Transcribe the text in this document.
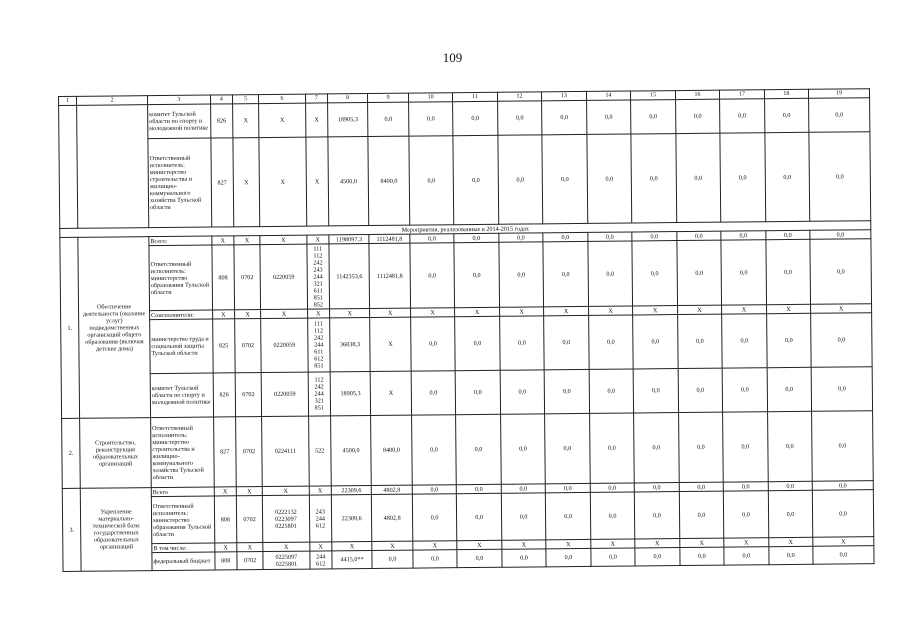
109
1	2	3	4	5	6	7	8	9	10	11	12	13	14	15	16	17	18	19
		комитет Тульской области по спорту и молодежной политике	826	X	X	X	18905,3	0,0	0,0	0,0	0,0	0,0	0,0	0,0	0,0	0,0	0,0	0,0
		Ответственный исполнитель: министерство строительства и жилищно-коммунального хозяйства Тульской области	827	X	X	X	4500,0	8400,0	0,0	0,0	0,0	0,0	0,0	0,0	0,0	0,0	0,0	0,0
Мероприятия, реализованные в 2014-2015 годах																		
1.	Обеспечение деятельности (оказание услуг) подведомственных организаций общего образования (включая детские дома)	Всего:	X	X	X	X	1198097,3	1112481,8	0,0	0,0	0,0	0,0	0,0	0,0	0,0	0,0	0,0	0,0
		Ответственный исполнитель: министерство образования Тульской области	808	0702	0220059	111 112 242 243 244 321 611 851 852	1142353,6	1112481,8	0,0	0,0	0,0	0,0	0,0	0,0	0,0	0,0	0,0	0,0
		Соисполнители:	X	X	X	X	X	X	X	X	X	X	X	X	X	X	X	X
		министерство труда и социальной защиты Тульской области	825	0702	0220059	111 112 242 244 611 612 851	36838,3	X	0,0	0,0	0,0	0,0	0,0	0,0	0,0	0,0	0,0	0,0
		комитет Тульской области по спорту и молодежной политике	826	0702	0220059	112 242 244 321 851	18905,3	X	0,0	0,0	0,0	0,0	0,0	0,0	0,0	0,0	0,0	0,0
2.	Строительство, реконструкция образовательных организаций	Ответственный исполнитель: министерство строительства и жилищно-коммунального хозяйства Тульской области	827	0702	0224111	522	4500,0	8400,0	0,0	0,0	0,0	0,0	0,0	0,0	0,0	0,0	0,0	0,0
3.	Укрепление материально-технической базы государственных образовательных организаций	Всего	X	X	X	X	22309,6	4802,8	0,0	0,0	0,0	0,0	0,0	0,0	0,0	0,0	0,0	0,0
		Ответственный исполнитель: министерство образования Тульской области	808	0702	0222132 0223097 0225801	243 244 612	22309,6	4802,8	0,0	0,0	0,0	0,0	0,0	0,0	0,0	0,0	0,0	0,0
		В том числе:	X	X	X	X	X	X	X	X	X	X	X	X	X	X	X	X
		федеральный бюджет	808	0702	0225097 0225801	244 612	4415,0**	0,0	0,0	0,0	0,0	0,0	0,0	0,0	0,0	0,0	0,0	0,0
